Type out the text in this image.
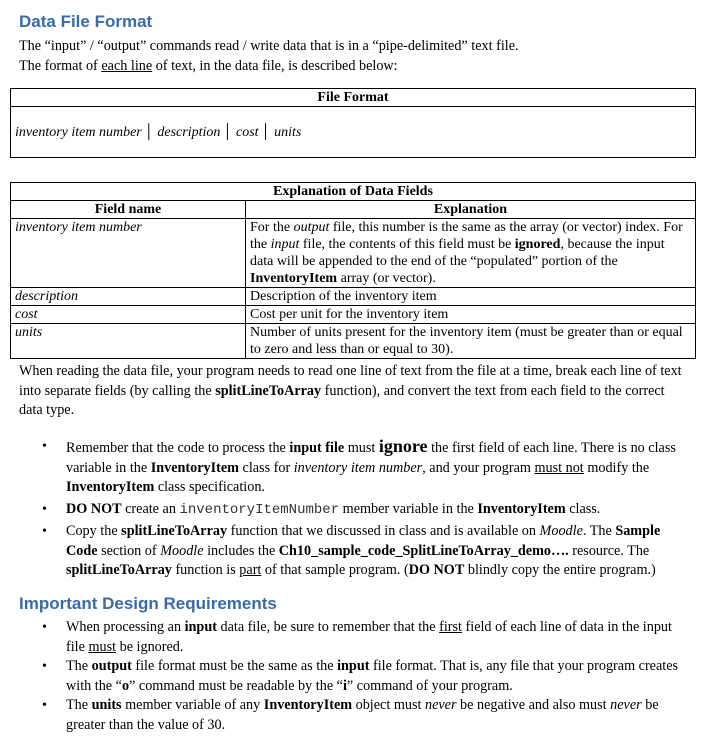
Data File Format
The “input” / “output” commands read / write data that is in a “pipe-delimited” text file.
The format of each line of text, in the data file, is described below:
File Format
inventory item number │ description │ cost │ units
Explanation of Data Fields	
Field name	Explanation
inventory item number	For the output file, this number is the same as the array (or vector) index. For the input file, the contents of this field must be ignored, because the input data will be appended to the end of the “populated” portion of the InventoryItem array (or vector).
description	Description of the inventory item
cost	Cost per unit for the inventory item
units	Number of units present for the inventory item (must be greater than or equal to zero and less than or equal to 30).
When reading the data file, your program needs to read one line of text from the file at a time, break each line of text into separate fields (by calling the splitLineToArray function), and convert the text from each field to the correct data type.
• Remember that the code to process the input file must ignore the first field of each line. There is no class variable in the InventoryItem class for inventory item number, and your program must not modify the InventoryItem class specification.
• DO NOT create an inventoryItemNumber member variable in the InventoryItem class.
• Copy the splitLineToArray function that we discussed in class and is available on Moodle. The Sample Code section of Moodle includes the Ch10_sample_code_SplitLineToArray_demo…. resource. The splitLineToArray function is part of that sample program. (DO NOT blindly copy the entire program.)
Important Design Requirements
• When processing an input data file, be sure to remember that the first field of each line of data in the input file must be ignored.
• The output file format must be the same as the input file format. That is, any file that your program creates with the “o” command must be readable by the “i” command of your program.
• The units member variable of any InventoryItem object must never be negative and also must never be greater than the value of 30.
